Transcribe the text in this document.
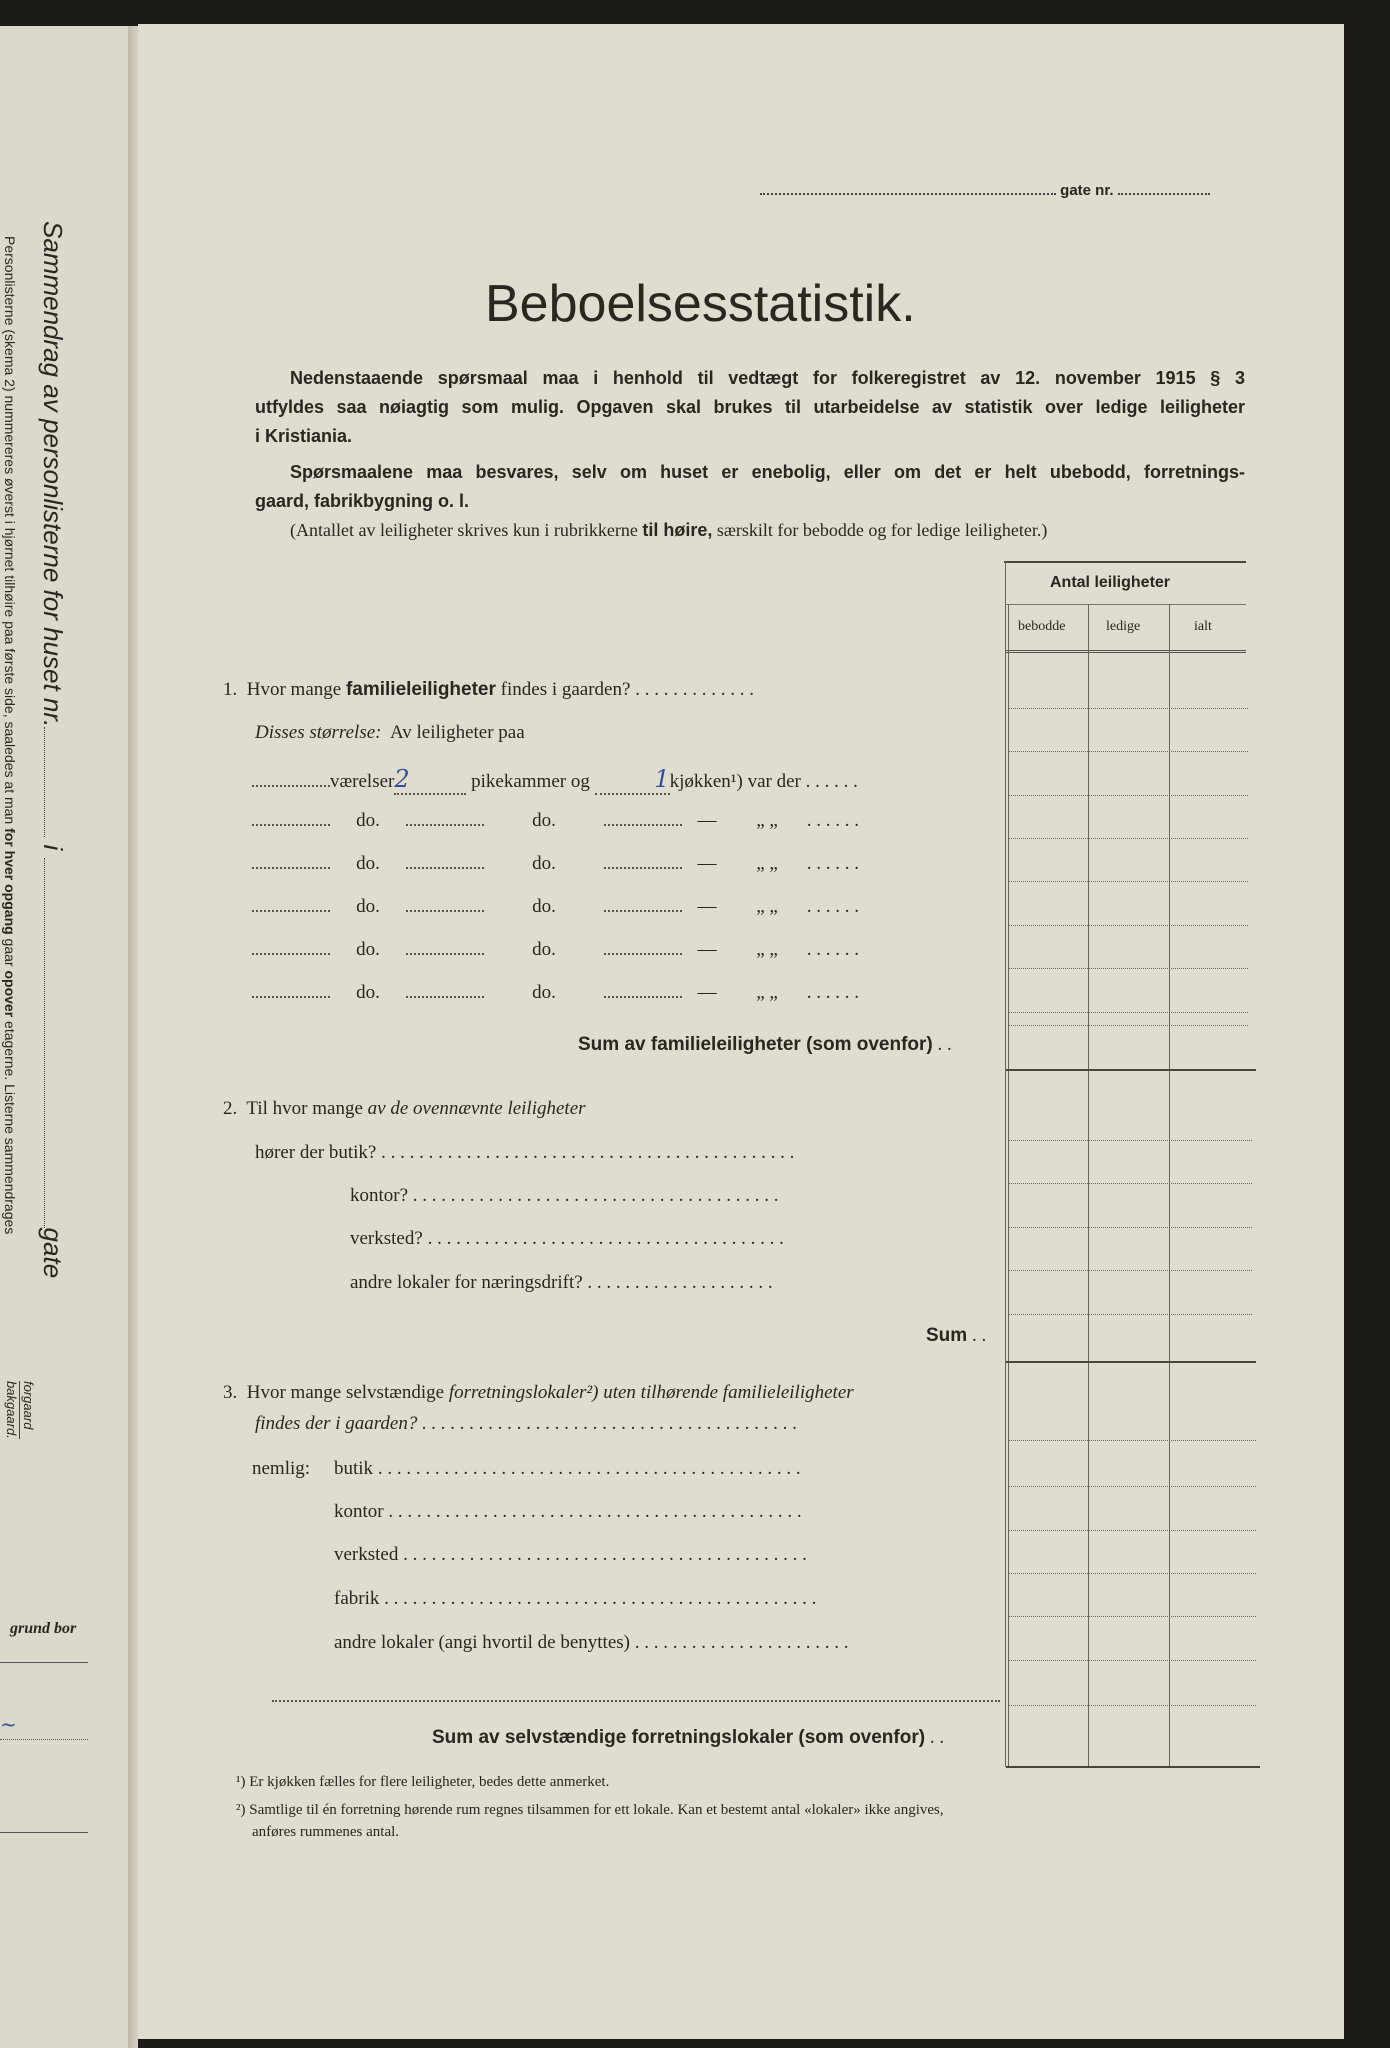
Sammendrag av personlisterne for huset nr. i gate
forgaard
bakgaard.
Personlisterne (skema 2) nummereres øverst i hjørnet tilhøire paa første side, saaledes at man for hver opgang gaar opover etagerne. Listerne sammendrages
grund bor
~
gate nr.
Beboelsesstatistik.
Nedenstaaende spørsmaal maa i henhold til vedtægt for folkeregistret av 12. november 1915 § 3
utfyldes saa nøiagtig som mulig. Opgaven skal brukes til utarbeidelse av statistik over ledige leiligheter
i Kristiania.
Spørsmaalene maa besvares, selv om huset er enebolig, eller om det er helt ubebodd, forretnings-
gaard, fabrikbygning o. l.
(Antallet av leiligheter skrives kun i rubrikkerne til høire, særskilt for bebodde og for ledige leiligheter.)
Antal leiligheter
bebodde	ledige	ialt
1. Hvor mange familieleiligheter findes i gaarden? . . . . . . . . . . . . .
Disses størrelse: Av leiligheter paa
værelser2	pikekammer og	1kjøkken¹) var der . . . . . .
do.	do.	— „ „ . . . . . .
do.	do.	— „ „ . . . . . .
do.	do.	— „ „ . . . . . .
do.	do.	— „ „ . . . . . .
do.	do.	— „ „ . . . . . .
Sum av familieleiligheter (som ovenfor) . .
2. Til hvor mange av de ovennævnte leiligheter
hører der butik? . . . . . . . . . . . . . . . . . . . . . . . . . . . . . . . . . . . . . . . . . . . .
kontor? . . . . . . . . . . . . . . . . . . . . . . . . . . . . . . . . . . . . . . .
verksted? . . . . . . . . . . . . . . . . . . . . . . . . . . . . . . . . . . . . . .
andre lokaler for næringsdrift? . . . . . . . . . . . . . . . . . . . .
Sum . .
3. Hvor mange selvstændige forretningslokaler²) uten tilhørende familieleiligheter
findes der i gaarden? . . . . . . . . . . . . . . . . . . . . . . . . . . . . . . . . . . . . . . . .
nemlig: butik . . . . . . . . . . . . . . . . . . . . . . . . . . . . . . . . . . . . . . . . . . . . .
kontor . . . . . . . . . . . . . . . . . . . . . . . . . . . . . . . . . . . . . . . . . . . .
verksted . . . . . . . . . . . . . . . . . . . . . . . . . . . . . . . . . . . . . . . . . . .
fabrik . . . . . . . . . . . . . . . . . . . . . . . . . . . . . . . . . . . . . . . . . . . . . .
andre lokaler (angi hvortil de benyttes) . . . . . . . . . . . . . . . . . . . . . . .
Sum av selvstændige forretningslokaler (som ovenfor) . .
¹) Er kjøkken fælles for flere leiligheter, bedes dette anmerket.
²) Samtlige til én forretning hørende rum regnes tilsammen for ett lokale. Kan et bestemt antal «lokaler» ikke angives,
anføres rummenes antal.
